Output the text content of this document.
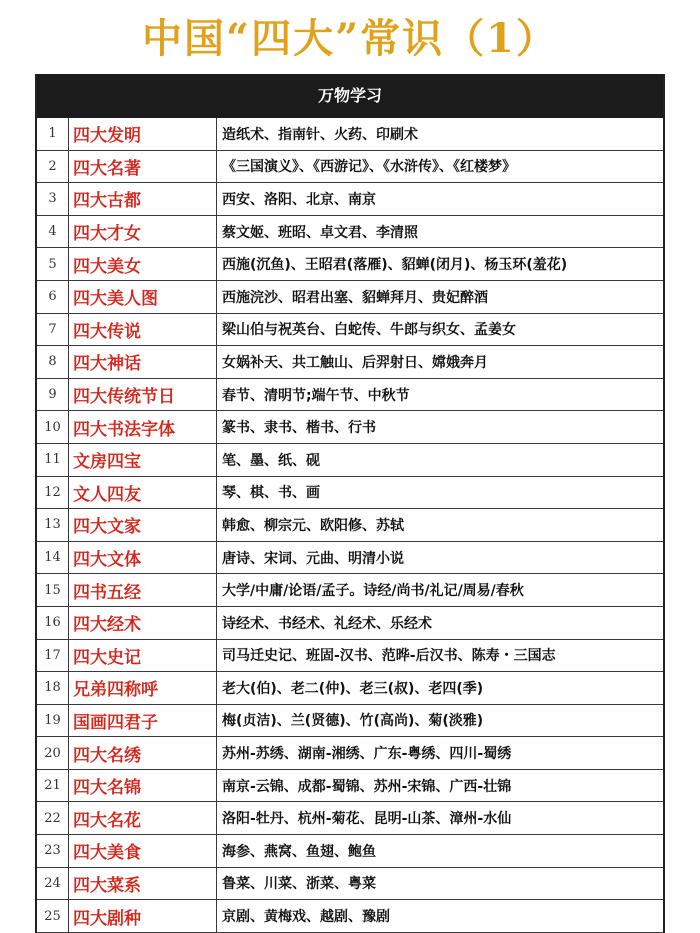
中国“四大”常识（1）
万物学习
1 四大发明	造纸术、指南针、火药、印刷术
2 四大名著	《三国演义》、《西游记》、《水浒传》、《红楼梦》
3 四大古都	西安、洛阳、北京、南京
4 四大才女	蔡文姬、班昭、卓文君、李清照
5 四大美女	西施(沉鱼)、王昭君(落雁)、貂蝉(闭月)、杨玉环(羞花)
6 四大美人图	西施浣沙、昭君出塞、貂蝉拜月、贵妃醉酒
7 四大传说	梁山伯与祝英台、白蛇传、牛郎与织女、孟姜女
8 四大神话	女娲补天、共工触山、后羿射日、嫦娥奔月
9 四大传统节日	春节、清明节;端午节、中秋节
10 四大书法字体	篆书、隶书、楷书、行书
11 文房四宝	笔、墨、纸、砚
12 文人四友	琴、棋、书、画
13 四大文家	韩愈、柳宗元、欧阳修、苏轼
14 四大文体	唐诗、宋词、元曲、明清小说
15 四书五经	大学/中庸/论语/孟子。诗经/尚书/礼记/周易/春秋
16 四大经术	诗经术、书经术、礼经术、乐经术
17 四大史记	司马迁史记、班固-汉书、范晔-后汉书、陈寿・三国志
18 兄弟四称呼	老大(伯)、老二(仲)、老三(叔)、老四(季)
19 国画四君子	梅(贞洁)、兰(贤德)、竹(高尚)、菊(淡雅)
20 四大名绣	苏州-苏绣、湖南-湘绣、广东-粤绣、四川-蜀绣
21 四大名锦	南京-云锦、成都-蜀锦、苏州-宋锦、广西-壮锦
22 四大名花	洛阳-牡丹、杭州-菊花、昆明-山茶、漳州-水仙
23 四大美食	海参、燕窝、鱼翅、鲍鱼
24 四大菜系	鲁菜、川菜、浙菜、粤菜
25 四大剧种	京剧、黄梅戏、越剧、豫剧
